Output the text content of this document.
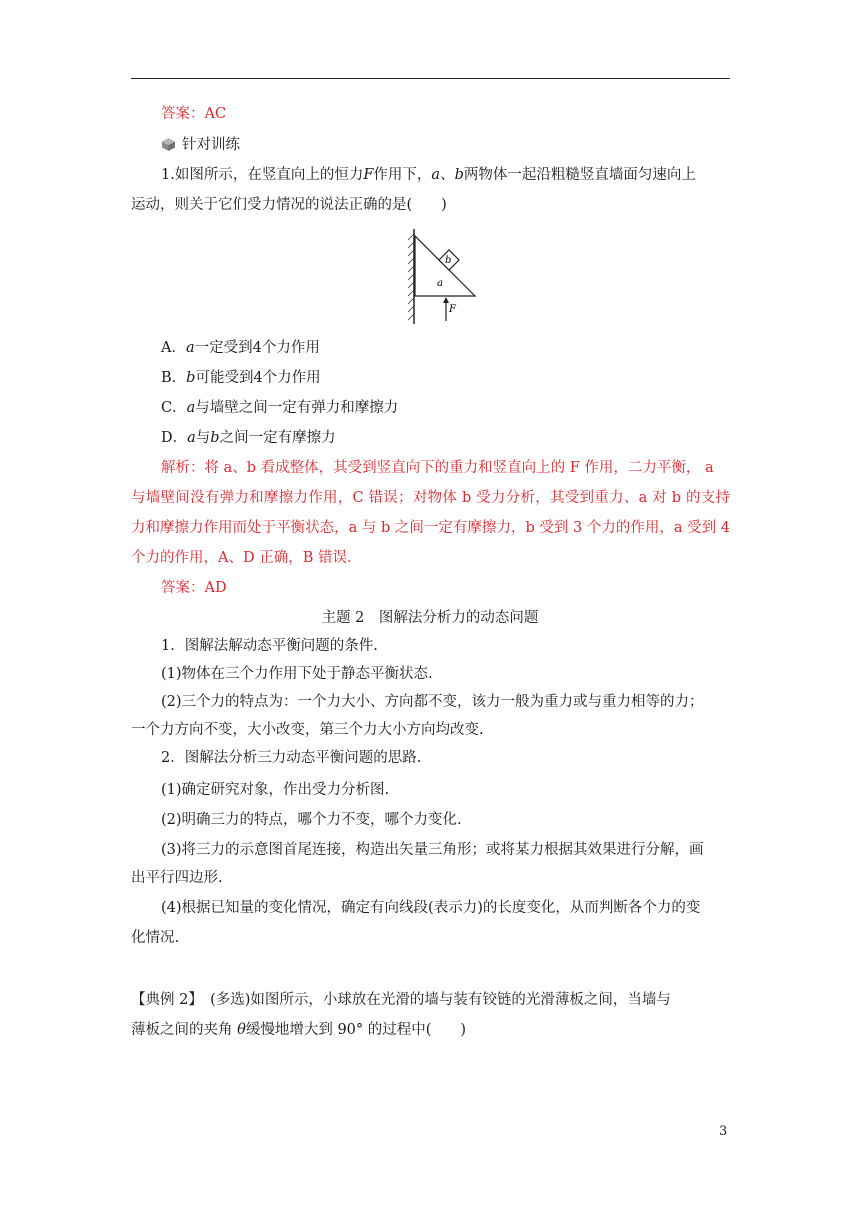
答案：AC
针对训练
1.如图所示，在竖直向上的恒力F作用下，a、b两物体一起沿粗糙竖直墙面匀速向上
运动，则关于它们受力情况的说法正确的是(　　)
b
a
F
A．a一定受到4个力作用
B．b可能受到4个力作用
C．a与墙壁之间一定有弹力和摩擦力
D．a与b之间一定有摩擦力
解析：将 a、b 看成整体，其受到竖直向下的重力和竖直向上的 F 作用，二力平衡， a
与墙壁间没有弹力和摩擦力作用，C 错误；对物体 b 受力分析，其受到重力、a 对 b 的支持
力和摩擦力作用而处于平衡状态，a 与 b 之间一定有摩擦力，b 受到 3 个力的作用，a 受到 4
个力的作用，A、D 正确，B 错误.
答案：AD
主题 2　图解法分析力的动态问题
1．图解法解动态平衡问题的条件.
(1)物体在三个力作用下处于静态平衡状态.
(2)三个力的特点为：一个力大小、方向都不变，该力一般为重力或与重力相等的力；
一个力方向不变，大小改变，第三个力大小方向均改变.
2．图解法分析三力动态平衡问题的思路.
(1)确定研究对象，作出受力分析图.
(2)明确三力的特点，哪个力不变，哪个力变化.
(3)将三力的示意图首尾连接，构造出矢量三角形；或将某力根据其效果进行分解，画
出平行四边形.
(4)根据已知量的变化情况，确定有向线段(表示力)的长度变化，从而判断各个力的变
化情况.
【典例 2】　(多选)如图所示，小球放在光滑的墙与装有铰链的光滑薄板之间，当墙与
薄板之间的夹角 θ缓慢地增大到 90° 的过程中(　　)
3
